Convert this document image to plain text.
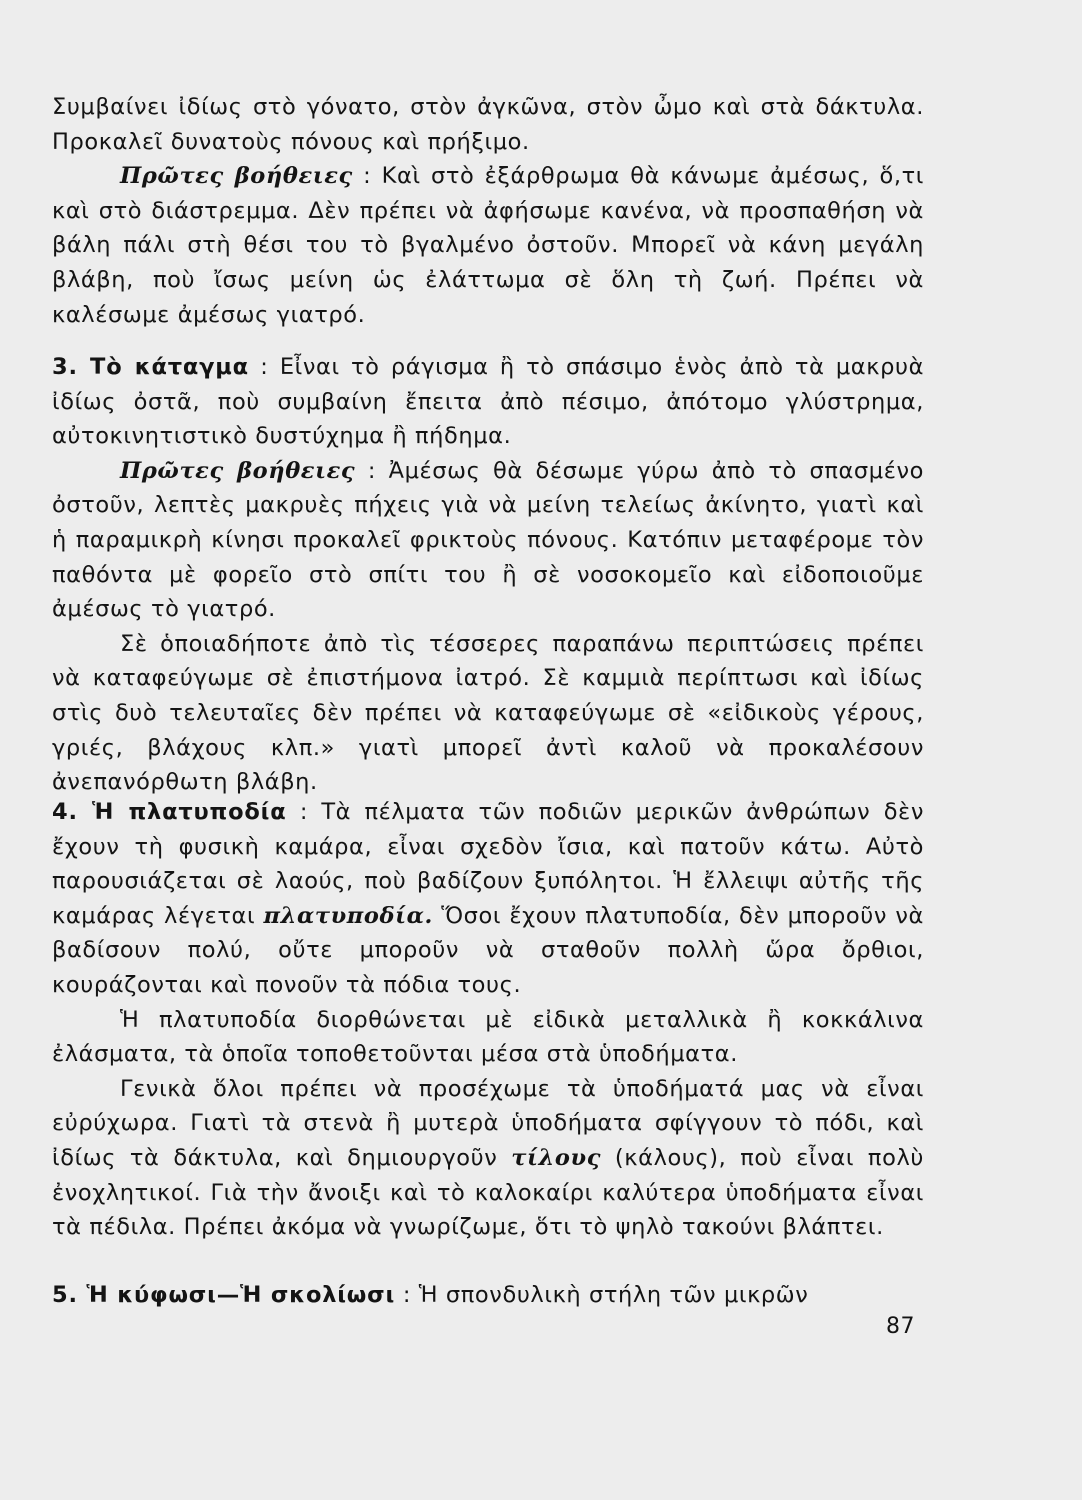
Συμβαίνει ἰδίως στὸ γόνατο, στὸν ἀγκῶνα, στὸν ὦμο καὶ στὰ δάκτυλα. Προκαλεῖ δυνατοὺς πόνους καὶ πρήξιμο.

Πρῶτες βοήθειες : Καὶ στὸ ἐξάρθρωμα θὰ κάνωμε ἀμέσως, ὅ,τι καὶ στὸ διάστρεμμα. Δὲν πρέπει νὰ ἀφήσωμε κανένα, νὰ προσπαθήση νὰ βάλη πάλι στὴ θέσι του τὸ βγαλμένο ὀστοῦν. Μπορεῖ νὰ κάνη μεγάλη βλάβη, ποὺ ἴσως μείνη ὡς ἐλάττωμα σὲ ὅλη τὴ ζωή. Πρέπει νὰ καλέσωμε ἀμέσως γιατρό.

3. Τὸ κάταγμα : Εἶναι τὸ ράγισμα ἢ τὸ σπάσιμο ἑνὸς ἀπὸ τὰ μακρυὰ ἰδίως ὀστᾶ, ποὺ συμβαίνη ἔπειτα ἀπὸ πέσιμο, ἀπότομο γλύστρημα, αὐτοκινητιστικὸ δυστύχημα ἢ πήδημα.

Πρῶτες βοήθειες : Ἀμέσως θὰ δέσωμε γύρω ἀπὸ τὸ σπασμένο ὀστοῦν, λεπτὲς μακρυὲς πήχεις γιὰ νὰ μείνη τελείως ἀκίνητο, γιατὶ καὶ ἡ παραμικρὴ κίνησι προκαλεῖ φρικτοὺς πόνους. Κατόπιν μεταφέρομε τὸν παθόντα μὲ φορεῖο στὸ σπίτι του ἢ σὲ νοσοκομεῖο καὶ εἰδοποιοῦμε ἀμέσως τὸ γιατρό.

Σὲ ὁποιαδήποτε ἀπὸ τὶς τέσσερες παραπάνω περιπτώσεις πρέπει νὰ καταφεύγωμε σὲ ἐπιστήμονα ἰατρό. Σὲ καμμιὰ περίπτωσι καὶ ἰδίως στὶς δυὸ τελευταῖες δὲν πρέπει νὰ καταφεύγωμε σὲ «εἰδικοὺς γέρους, γριές, βλάχους κλπ.» γιατὶ μπορεῖ ἀντὶ καλοῦ νὰ προκαλέσουν ἀνεπανόρθωτη βλάβη.

4. Ἡ πλατυποδία : Τὰ πέλματα τῶν ποδιῶν μερικῶν ἀνθρώπων δὲν ἔχουν τὴ φυσικὴ καμάρα, εἶναι σχεδὸν ἴσια, καὶ πατοῦν κάτω. Αὐτὸ παρουσιάζεται σὲ λαούς, ποὺ βαδίζουν ξυπόλητοι. Ἡ ἔλλειψι αὐτῆς τῆς καμάρας λέγεται πλατυποδία. Ὅσοι ἔχουν πλατυποδία, δὲν μποροῦν νὰ βαδίσουν πολύ, οὔτε μποροῦν νὰ σταθοῦν πολλὴ ὥρα ὄρθιοι, κουράζονται καὶ πονοῦν τὰ πόδια τους.

Ἡ πλατυποδία διορθώνεται μὲ εἰδικὰ μεταλλικὰ ἢ κοκκάλινα ἐλάσματα, τὰ ὁποῖα τοποθετοῦνται μέσα στὰ ὑποδήματα.

Γενικὰ ὅλοι πρέπει νὰ προσέχωμε τὰ ὑποδήματά μας νὰ εἶναι εὐρύχωρα. Γιατὶ τὰ στενὰ ἢ μυτερὰ ὑποδήματα σφίγγουν τὸ πόδι, καὶ ἰδίως τὰ δάκτυλα, καὶ δημιουργοῦν τίλους (κάλους), ποὺ εἶναι πολὺ ἐνοχλητικοί. Γιὰ τὴν ἄνοιξι καὶ τὸ καλοκαίρι καλύτερα ὑποδήματα εἶναι τὰ πέδιλα. Πρέπει ἀκόμα νὰ γνωρίζωμε, ὅτι τὸ ψηλὸ τακούνι βλάπτει.

5. Ἡ κύφωσι—Ἡ σκολίωσι : Ἡ σπονδυλικὴ στήλη τῶν μικρῶν

87
